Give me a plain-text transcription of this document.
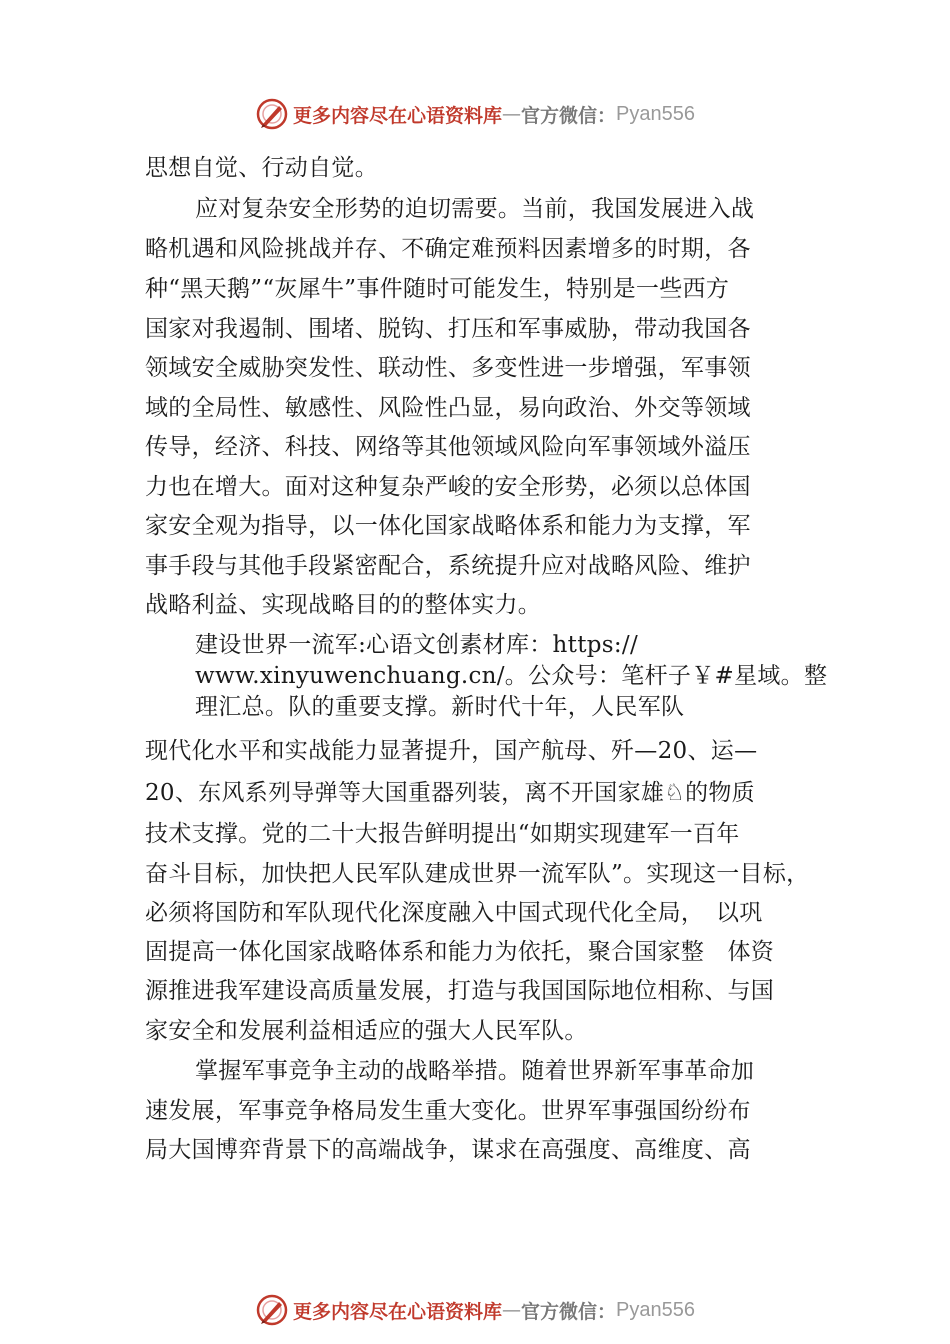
更多内容尽在心语资料库 — 官方微信： Pyan556
思想自觉、行动自觉。
应对复杂安全形势的迫切需要。当前，我国发展进入战
略机遇和风险挑战并存、不确定难预料因素增多的时期，各
种“黑天鹅”“灰犀牛”事件随时可能发生，特别是一些西方
国家对我遏制、围堵、脱钩、打压和军事威胁，带动我国各
领域安全威胁突发性、联动性、多变性进一步增强，军事领
域的全局性、敏感性、风险性凸显，易向政治、外交等领域
传导，经济、科技、网络等其他领域风险向军事领域外溢压
力也在增大。面对这种复杂严峻的安全形势，必须以总体国
家安全观为指导，以一体化国家战略体系和能力为支撑，军
事手段与其他手段紧密配合，系统提升应对战略风险、维护
战略利益、实现战略目的的整体实力。
建设世界一流军:心语文创素材库：https://
www.xinyuwenchuang.cn/。公众号：笔杆子￥#星域。整
理汇总。队的重要支撑。新时代十年，人民军队
现代化水平和实战能力显著提升，国产航母、歼—20、运—
20、东风系列导弹等大国重器列装，离不开国家雄♘的物质
技术支撑。党的二十大报告鲜明提出“如期实现建军一百年
奋斗目标，加快把人民军队建成世界一流军队”。实现这一目标，
必须将国防和军队现代化深度融入中国式现代化全局，　以巩
固提高一体化国家战略体系和能力为依托，聚合国家整　体资
源推进我军建设高质量发展，打造与我国国际地位相称、与国
家安全和发展利益相适应的强大人民军队。
掌握军事竞争主动的战略举措。随着世界新军事革命加
速发展，军事竞争格局发生重大变化。世界军事强国纷纷布
局大国博弈背景下的高端战争，谋求在高强度、高维度、高
更多内容尽在心语资料库 — 官方微信： Pyan556
